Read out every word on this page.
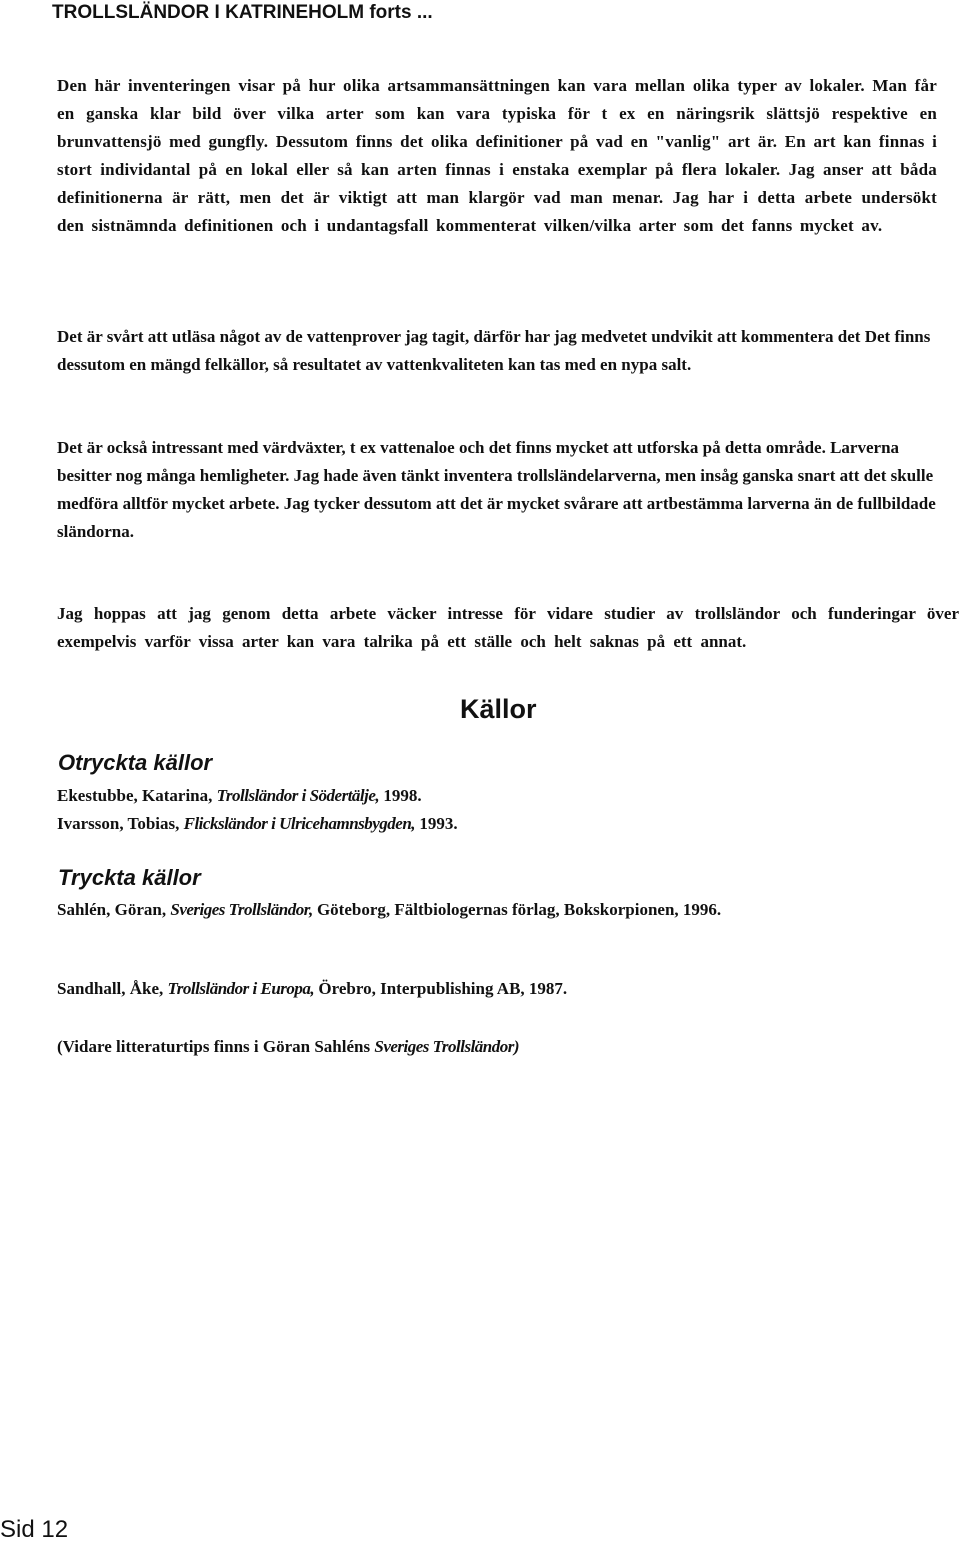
TROLLSLÄNDOR I KATRINEHOLM forts ...

Den här inventeringen visar på hur olika artsammansättningen kan vara mellan olika typer av lokaler. Man får en ganska klar bild över vilka arter som kan vara typiska för t ex en näringsrik slättsjö respektive en brunvattensjö med gungfly. Dessutom finns det olika definitioner på vad en "vanlig" art är. En art kan finnas i stort individantal på en lokal eller så kan arten finnas i enstaka exemplar på flera lokaler. Jag anser att båda definitionerna är rätt, men det är viktigt att man klargör vad man menar. Jag har i detta arbete undersökt den sistnämnda definitionen och i undantagsfall kommenterat vilken/vilka arter som det fanns mycket av.

Det är svårt att utläsa något av de vattenprover jag tagit, därför har jag medvetet undvikit att kommentera det Det finns dessutom en mängd felkällor, så resultatet av vattenkvaliteten kan tas med en nypa salt.

Det är också intressant med värdväxter, t ex vattenaloe och det finns mycket att utforska på detta område. Larverna besitter nog många hemligheter. Jag hade även tänkt inventera trollsländelarverna, men insåg ganska snart att det skulle medföra alltför mycket arbete. Jag tycker dessutom att det är mycket svårare att artbestämma larverna än de fullbildade sländorna.

Jag hoppas att jag genom detta arbete väcker intresse för vidare studier av trollsländor och funderingar över exempelvis varför vissa arter kan vara talrika på ett ställe och helt saknas på ett annat.

Källor
Otryckta källor

Ekestubbe, Katarina, Trollsländor i Södertälje, 1998.

Ivarsson, Tobias, Flicksländor i Ulricehamnsbygden, 1993.

Tryckta källor

Sahlén, Göran, Sveriges Trollsländor, Göteborg, Fältbiologernas förlag, Bokskorpionen, 1996.

Sandhall, Åke, Trollsländor i Europa, Örebro, Interpublishing AB, 1987.

(Vidare litteraturtips finns i Göran Sahléns Sveriges Trollsländor)

Sid 12
